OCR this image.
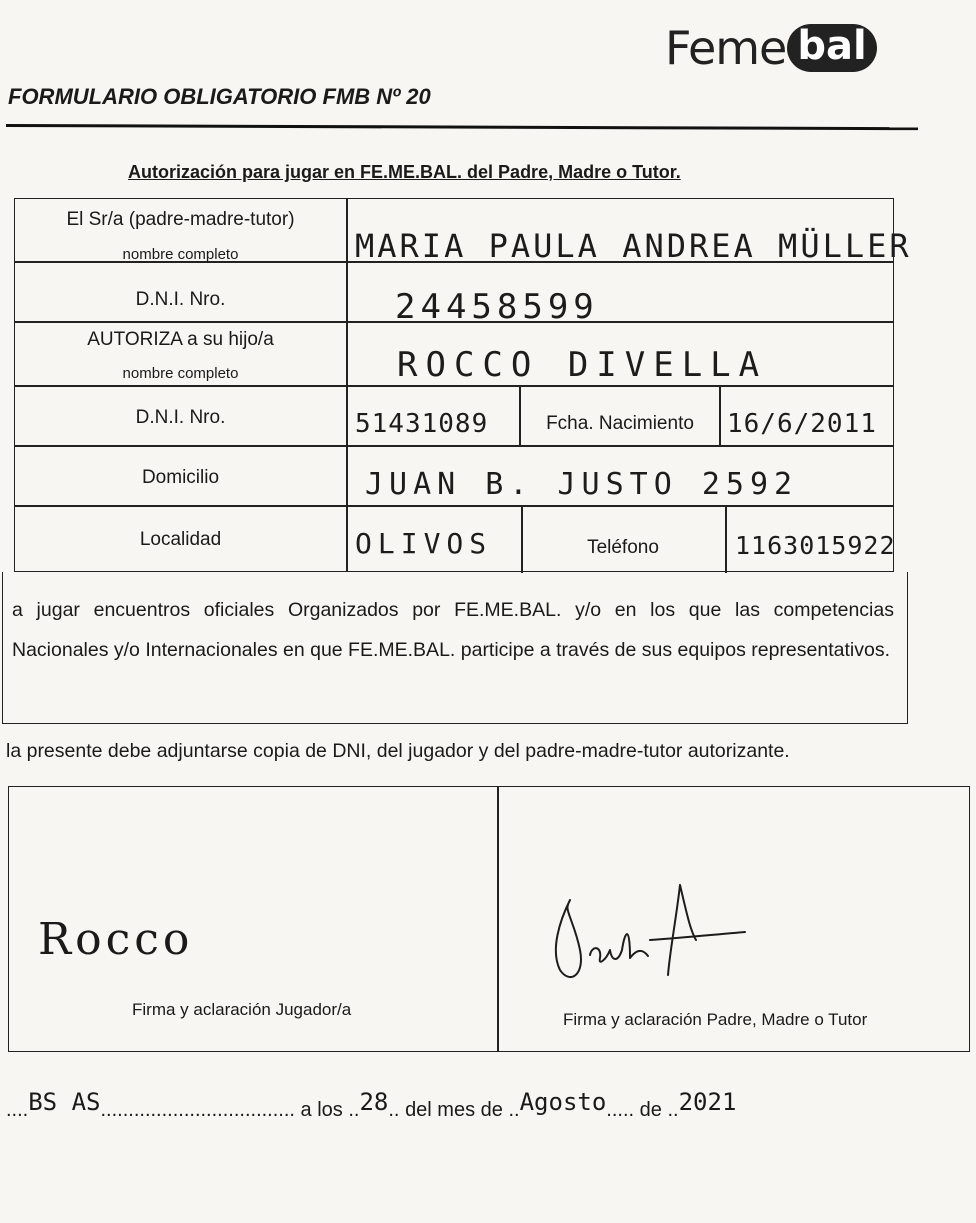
Feme bal
FORMULARIO OBLIGATORIO FMB Nº 20
Autorización para jugar en FE.ME.BAL. del Padre, Madre o Tutor.
El Sr/a (padre-madre-tutor)
nombre completo	MARIA PAULA ANDREA MÜLLER
D.N.I. Nro.	24458599
AUTORIZA a su hijo/a
nombre completo	ROCCO DIVELLA
D.N.I. Nro.	51431089	Fcha. Nacimiento	16/6/2011
Domicilio	JUAN B. JUSTO 2592
Localidad	OLIVOS	Teléfono	1163015922
a jugar encuentros oficiales Organizados por FE.ME.BAL. y/o en los que las competencias Nacionales y/o Internacionales en que FE.ME.BAL. participe a través de sus equipos representativos.
la presente debe adjuntarse copia de DNI, del jugador y del padre-madre-tutor autorizante.
Rocco
Firma y aclaración Jugador/a
Firma y aclaración Padre, Madre o Tutor
....BS AS................................... a los ..28.. del mes de ..Agosto..... de ..2021
